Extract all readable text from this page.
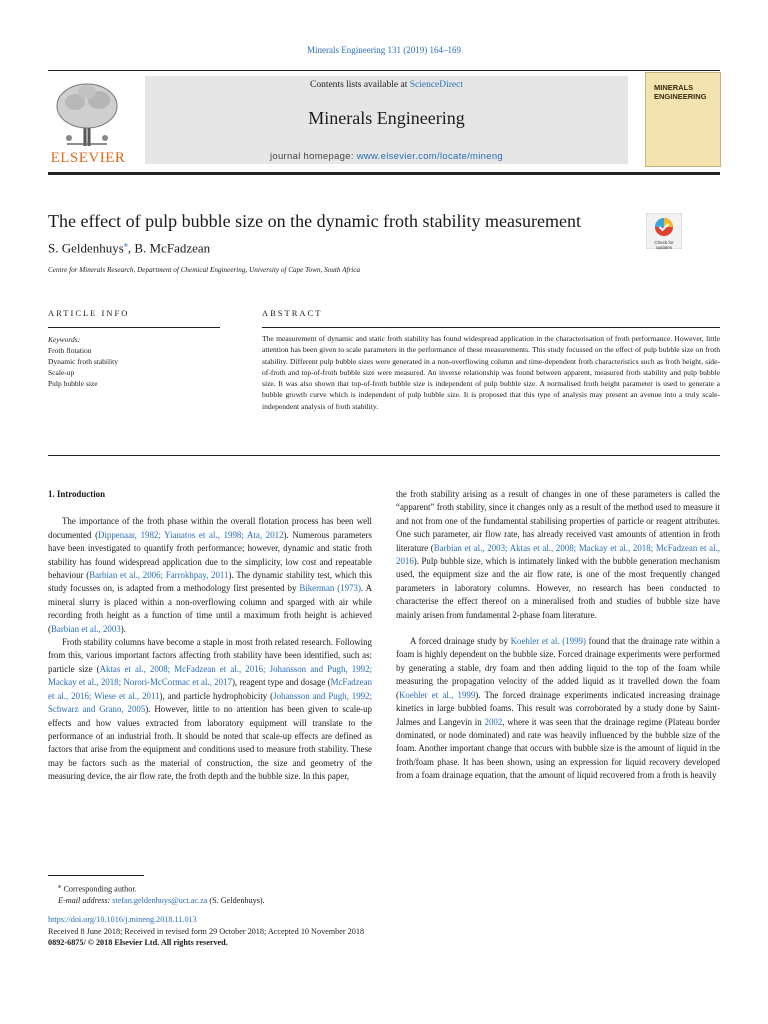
Minerals Engineering 131 (2019) 164–169
ELSEVIER
Contents lists available at ScienceDirect
Minerals Engineering
journal homepage: www.elsevier.com/locate/mineng
MINERALS
ENGINEERING
The effect of pulp bubble size on the dynamic froth stability measurement
Check for updates
S. Geldenhuys⁎, B. McFadzean
Centre for Minerals Research, Department of Chemical Engineering, University of Cape Town, South Africa
ARTICLE INFO	ABSTRACT
Keywords:
Froth flotation
Dynamic froth stability
Scale-up
Pulp bubble size
The measurement of dynamic and static froth stability has found widespread application in the characterisation of froth performance. However, little attention has been given to scale parameters in the performance of these measurements. This study focussed on the effect of pulp bubble size on froth stability. Different pulp bubble sizes were generated in a non-overflowing column and time-dependent froth characteristics such as froth height, side-of-froth and top-of-froth bubble size were measured. An inverse relationship was found between apparent, measured froth stability and pulp bubble size. It was also shown that top-of-froth bubble size is independent of pulp bubble size. A normalised froth height parameter is used to generate a bubble growth curve which is independent of pulp bubble size. It is proposed that this type of analysis may present an avenue into a truly scale-independent analysis of froth stability.

1. Introduction

The importance of the froth phase within the overall flotation process has been well documented (Dippenaar, 1982; Yianatos et al., 1998; Ata, 2012). Numerous parameters have been investigated to quantify froth performance; however, dynamic and static froth stability has found widespread application due to the simplicity, low cost and repeatable behaviour (Barbian et al., 2006; Farrokhpay, 2011). The dynamic stability test, which this study focusses on, is adapted from a methodology first presented by Bikerman (1973). A mineral slurry is placed within a non-overflowing column and sparged with air while recording froth height as a function of time until a maximum froth height is achieved (Barbian et al., 2003).

Froth stability columns have become a staple in most froth related research. Following from this, various important factors affecting froth stability have been identified, such as: particle size (Aktas et al., 2008; McFadzean et al., 2016; Johansson and Pugh, 1992; Mackay et al., 2018; Norori-McCormac et al., 2017), reagent type and dosage (McFadzean et al., 2016; Wiese et al., 2011), and particle hydrophobicity (Johansson and Pugh, 1992; Schwarz and Grano, 2005). However, little to no attention has been given to scale-up effects and how values extracted from laboratory equipment will translate to the performance of an industrial froth. It should be noted that scale-up effects are defined as factors that arise from the equipment and conditions used to measure froth stability. These may be factors such as the material of construction, the size and geometry of the measuring device, the air flow rate, the froth depth and the bubble size. In this paper,

the froth stability arising as a result of changes in one of these parameters is called the “apparent” froth stability, since it changes only as a result of the method used to measure it and not from one of the fundamental stabilising properties of particle or reagent attributes. One such parameter, air flow rate, has already received vast amounts of attention in froth literature (Barbian et al., 2003; Aktas et al., 2008; Mackay et al., 2018; McFadzean et al., 2016). Pulp bubble size, which is intimately linked with the bubble generation mechanism used, the equipment size and the air flow rate, is one of the most frequently changed parameters in laboratory columns. However, no research has been conducted to characterise the effect thereof on a mineralised froth and studies of bubble size have mainly arisen from fundamental 2-phase foam literature.

A forced drainage study by Koehler et al. (1999) found that the drainage rate within a foam is highly dependent on the bubble size. Forced drainage experiments were performed by generating a stable, dry foam and then adding liquid to the top of the foam while measuring the propagation velocity of the added liquid as it travelled down the foam (Koehler et al., 1999). The forced drainage experiments indicated increasing drainage kinetics in large bubbled foams. This result was corroborated by a study done by Saint-Jalmes and Langevin in 2002, where it was seen that the drainage regime (Plateau border dominated, or node dominated) and rate was heavily influenced by the bubble size of the foam. Another important change that occurs with bubble size is the amount of liquid in the froth/foam phase. It has been shown, using an expression for liquid recovery developed from a foam drainage equation, that the amount of liquid recovered from a froth is heavily

⁎ Corresponding author.
E-mail address: stefan.geldenhuys@uct.ac.za (S. Geldenhuys).
https://doi.org/10.1016/j.mineng.2018.11.013
Received 8 June 2018; Received in revised form 29 October 2018; Accepted 10 November 2018
0892-6875/ © 2018 Elsevier Ltd. All rights reserved.
